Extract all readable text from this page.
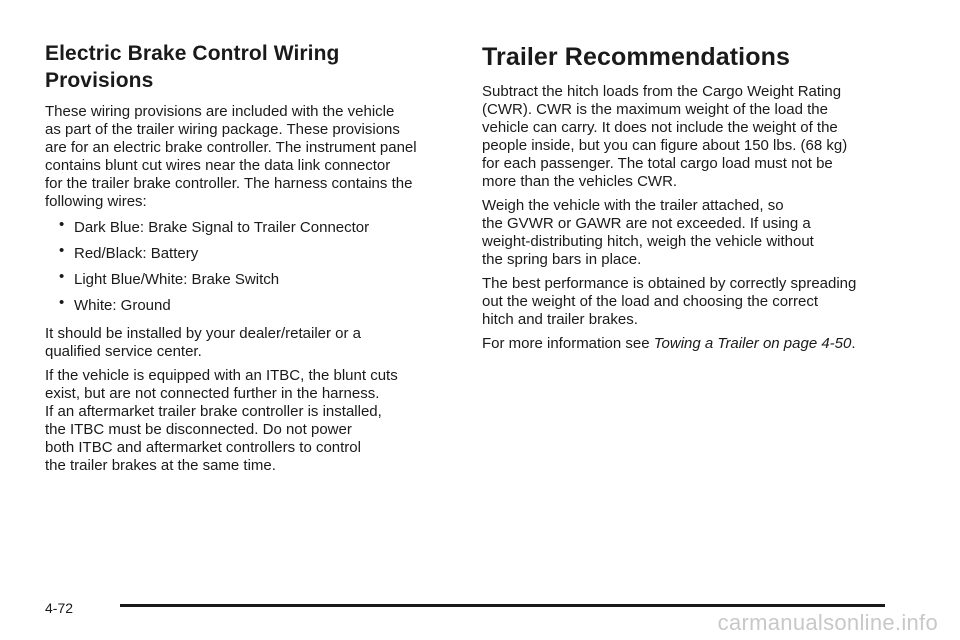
Electric Brake Control Wiring
Provisions

These wiring provisions are included with the vehicle
as part of the trailer wiring package. These provisions
are for an electric brake controller. The instrument panel
contains blunt cut wires near the data link connector
for the trailer brake controller. The harness contains the
following wires:

• Dark Blue: Brake Signal to Trailer Connector
• Red/Black: Battery
• Light Blue/White: Brake Switch
• White: Ground

It should be installed by your dealer/retailer or a
qualified service center.

If the vehicle is equipped with an ITBC, the blunt cuts
exist, but are not connected further in the harness.
If an aftermarket trailer brake controller is installed,
the ITBC must be disconnected. Do not power
both ITBC and aftermarket controllers to control
the trailer brakes at the same time.

Trailer Recommendations

Subtract the hitch loads from the Cargo Weight Rating
(CWR). CWR is the maximum weight of the load the
vehicle can carry. It does not include the weight of the
people inside, but you can figure about 150 lbs. (68 kg)
for each passenger. The total cargo load must not be
more than the vehicles CWR.

Weigh the vehicle with the trailer attached, so
the GVWR or GAWR are not exceeded. If using a
weight-distributing hitch, weigh the vehicle without
the spring bars in place.

The best performance is obtained by correctly spreading
out the weight of the load and choosing the correct
hitch and trailer brakes.

For more information see Towing a Trailer on page 4-50.

4-72
carmanualsonline.info
